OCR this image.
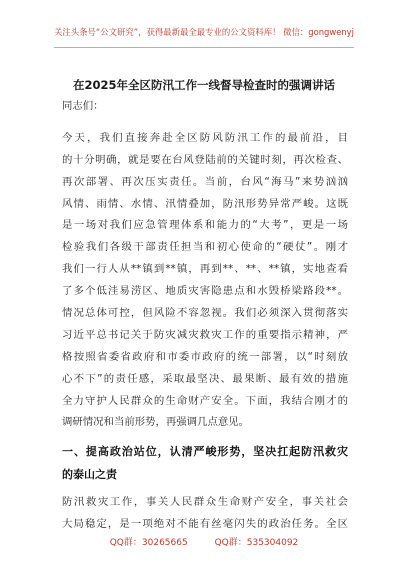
关注头条号“公文研究”，获得最新最全最专业的公文资料库！ 微信：gongwenyj
在2025年全区防汛工作一线督导检查时的强调讲话
同志们：
今天，我们直接奔赴全区防风防汛工作的最前沿，目
的十分明确，就是要在台风登陆前的关键时刻，再次检查、
再次部署、再次压实责任。当前，台风“海马”来势汹汹
风情、雨情、水情、汛情叠加，防汛形势异常严峻。这既
是一场对我们应急管理体系和能力的“大考”，更是一场
检验我们各级干部责任担当和初心使命的“硬仗”。刚才
我们一行人从**镇到**镇，再到**、**、**镇，实地查看
了多个低洼易涝区、地质灾害隐患点和水毁桥梁路段**。
情况总体可控，但风险不容忽视。我们必须深入贯彻落实
习近平总书记关于防灾减灾救灾工作的重要指示精神，严
格按照省委省政府和市委市政府的统一部署，以“时刻放
心不下”的责任感，采取最坚决、最果断、最有效的措施
全力守护人民群众的生命财产安全。下面，我结合刚才的
调研情况和当前形势，再强调几点意见。
一、提高政治站位，认清严峻形势，坚决扛起防汛救灾
的泰山之责
防汛救灾工作，事关人民群众生命财产安全，事关社会
大局稳定，是一项绝对不能有丝毫闪失的政治任务。全区
QQ群：30265665	QQ群：535304092
